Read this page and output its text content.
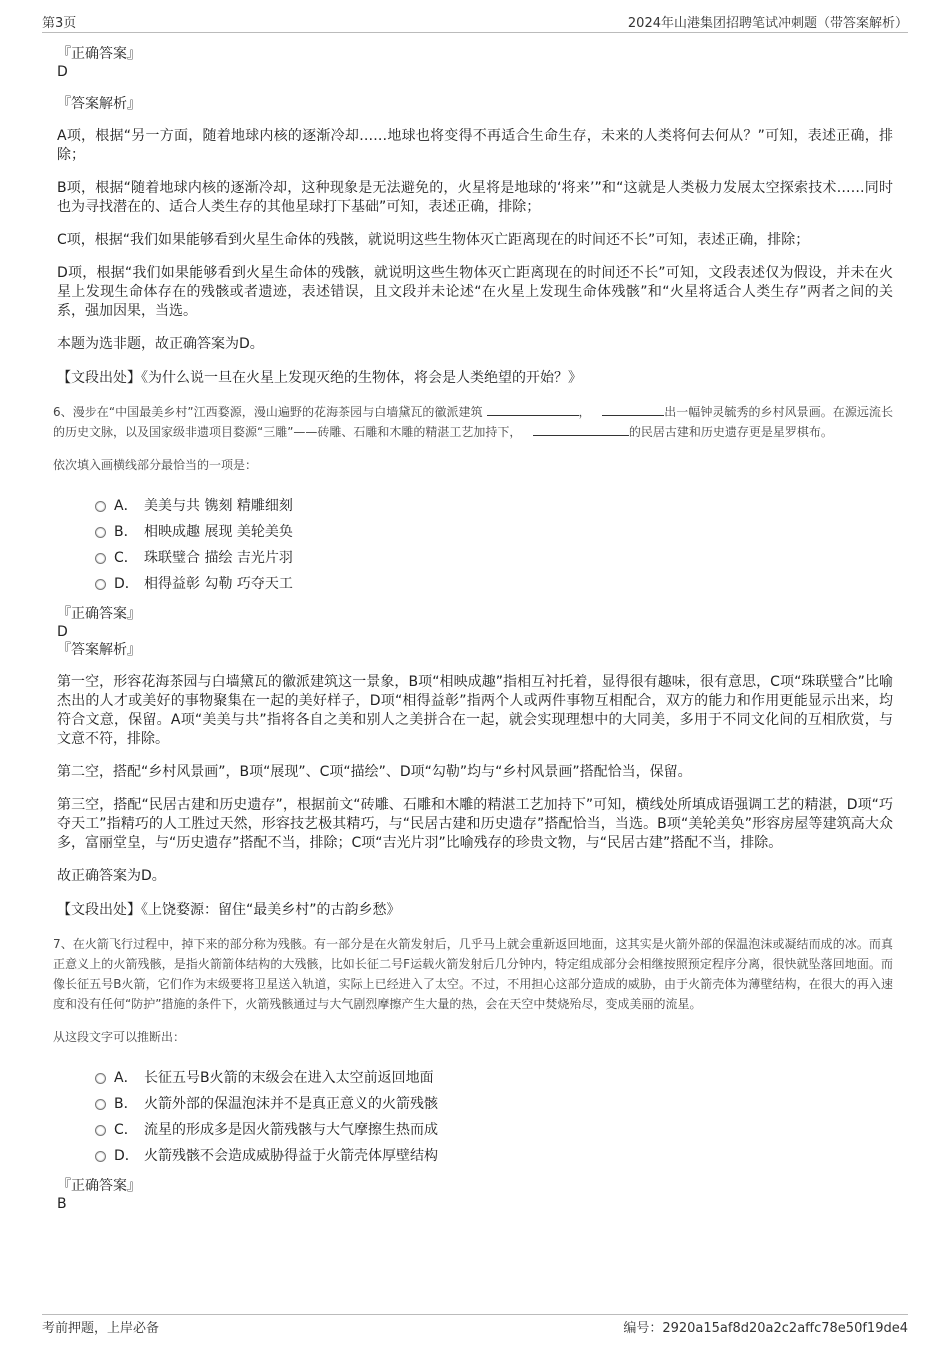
第3页	2024年山港集团招聘笔试冲刺题（带答案解析）

『正确答案』

D

『答案解析』

A项，根据“另一方面，随着地球内核的逐渐冷却……地球也将变得不再适合生命生存，未来的人类将何去何从？”可知，表述正确，排除；

B项，根据“随着地球内核的逐渐冷却，这种现象是无法避免的，火星将是地球的‘将来’”和“这就是人类极力发展太空探索技术……同时也为寻找潜在的、适合人类生存的其他星球打下基础”可知，表述正确，排除；

C项，根据“我们如果能够看到火星生命体的残骸，就说明这些生物体灭亡距离现在的时间还不长”可知，表述正确，排除；

D项，根据“我们如果能够看到火星生命体的残骸，就说明这些生物体灭亡距离现在的时间还不长”可知，文段表述仅为假设，并未在火星上发现生命体存在的残骸或者遗迹，表述错误，且文段并未论述“在火星上发现生命体残骸”和“火星将适合人类生存”两者之间的关系，强加因果，当选。

本题为选非题，故正确答案为D。

【文段出处】《为什么说一旦在火星上发现灭绝的生物体，将会是人类绝望的开始？》

6、漫步在“中国最美乡村”江西婺源，漫山遍野的花海茶园与白墙黛瓦的徽派建筑	，	出一幅钟灵毓秀的乡村风景画。在源远流长的历史文脉，以及国家级非遗项目婺源“三雕”——砖雕、石雕和木雕的精湛工艺加持下，	的民居古建和历史遗存更是星罗棋布。

依次填入画横线部分最恰当的一项是：

A． 美美与共 镌刻 精雕细刻
B． 相映成趣 展现 美轮美奂
C． 珠联璧合 描绘 吉光片羽
D． 相得益彰 勾勒 巧夺天工

『正确答案』

D

『答案解析』

第一空，形容花海茶园与白墙黛瓦的徽派建筑这一景象，B项“相映成趣”指相互衬托着，显得很有趣味，很有意思，C项“珠联璧合”比喻杰出的人才或美好的事物聚集在一起的美好样子，D项“相得益彰”指两个人或两件事物互相配合，双方的能力和作用更能显示出来，均符合文意，保留。A项“美美与共”指将各自之美和别人之美拼合在一起，就会实现理想中的大同美，多用于不同文化间的互相欣赏，与文意不符，排除。

第二空，搭配“乡村风景画”，B项“展现”、C项“描绘”、D项“勾勒”均与“乡村风景画”搭配恰当，保留。

第三空，搭配“民居古建和历史遗存”，根据前文“砖雕、石雕和木雕的精湛工艺加持下”可知，横线处所填成语强调工艺的精湛，D项“巧夺天工”指精巧的人工胜过天然，形容技艺极其精巧，与“民居古建和历史遗存”搭配恰当，当选。B项“美轮美奂”形容房屋等建筑高大众多，富丽堂皇，与“历史遗存”搭配不当，排除；C项“吉光片羽”比喻残存的珍贵文物，与“民居古建”搭配不当，排除。

故正确答案为D。

【文段出处】《上饶婺源：留住“最美乡村”的古韵乡愁》

7、在火箭飞行过程中，掉下来的部分称为残骸。有一部分是在火箭发射后，几乎马上就会重新返回地面，这其实是火箭外部的保温泡沫或凝结而成的冰。而真正意义上的火箭残骸，是指火箭箭体结构的大残骸，比如长征二号F运载火箭发射后几分钟内，特定组成部分会相继按照预定程序分离，很快就坠落回地面。而像长征五号B火箭，它们作为末级要将卫星送入轨道，实际上已经进入了太空。不过，不用担心这部分造成的威胁，由于火箭壳体为薄壁结构，在很大的再入速度和没有任何“防护”措施的条件下，火箭残骸通过与大气剧烈摩擦产生大量的热，会在天空中焚烧殆尽，变成美丽的流星。

从这段文字可以推断出：

A． 长征五号B火箭的末级会在进入太空前返回地面
B． 火箭外部的保温泡沫并不是真正意义的火箭残骸
C． 流星的形成多是因火箭残骸与大气摩擦生热而成
D． 火箭残骸不会造成威胁得益于火箭壳体厚壁结构

『正确答案』

B

考前押题，上岸必备	编号：2920a15af8d20a2c2affc78e50f19de4
